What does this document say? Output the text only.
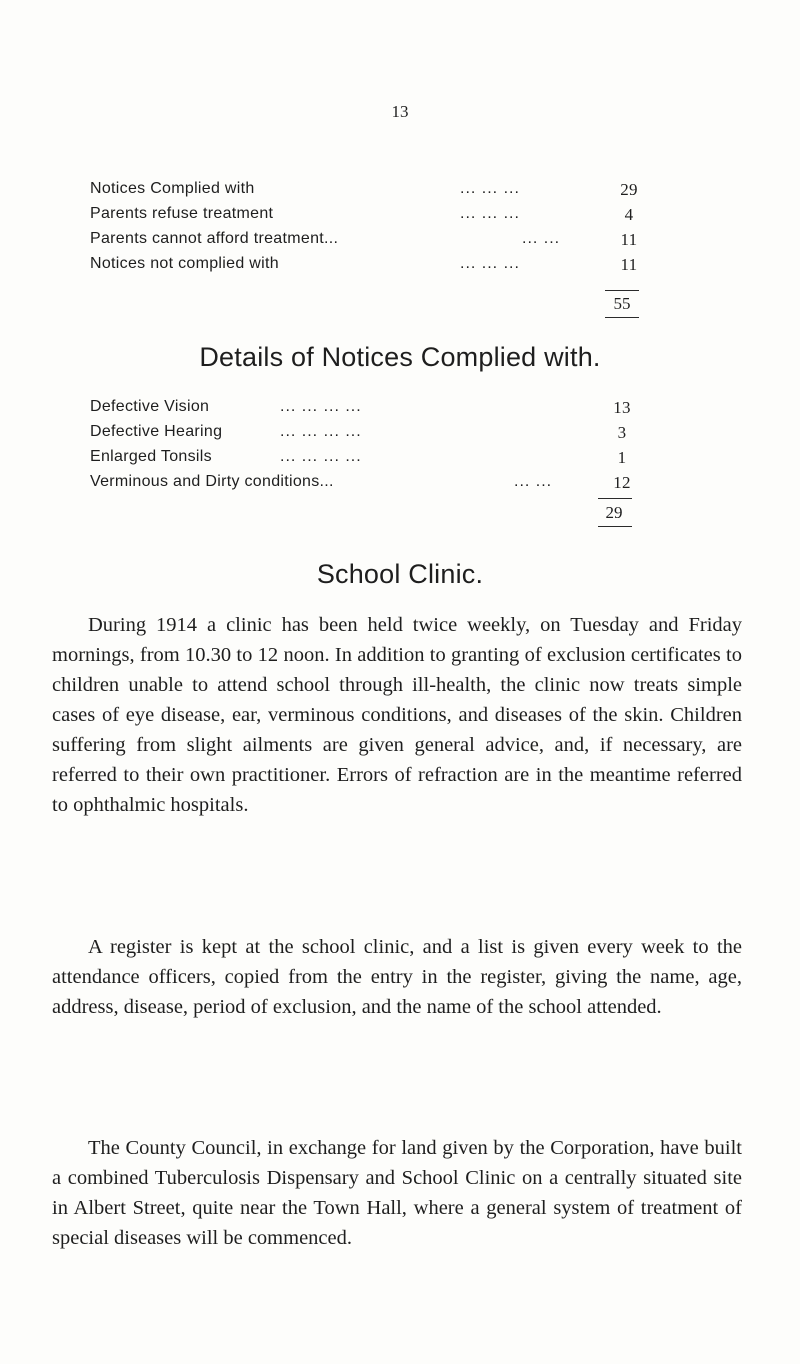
13
Notices Complied with	... ... ...	29
Parents refuse treatment	... ... ...	4
Parents cannot afford treatment...	... ...	11
Notices not complied with	... ... ...	11
55
Details of Notices Complied with.
Defective Vision	... ... ... ...	13
Defective Hearing	... ... ... ...	3
Enlarged Tonsils	... ... ... ...	1
Verminous and Dirty conditions...	... ...	12
29
School Clinic.

During 1914 a clinic has been held twice weekly, on Tuesday and Friday mornings, from 10.30 to 12 noon. In addition to granting of exclusion certificates to children unable to attend school through ill-health, the clinic now treats simple cases of eye disease, ear, verminous conditions, and diseases of the skin. Children suffering from slight ailments are given general advice, and, if necessary, are referred to their own practitioner. Errors of refraction are in the meantime referred to ophthalmic hospitals.

A register is kept at the school clinic, and a list is given every week to the attendance officers, copied from the entry in the register, giving the name, age, address, disease, period of exclusion, and the name of the school attended.

The County Council, in exchange for land given by the Corporation, have built a combined Tuberculosis Dispensary and School Clinic on a centrally situated site in Albert Street, quite near the Town Hall, where a general system of treatment of special diseases will be commenced.
